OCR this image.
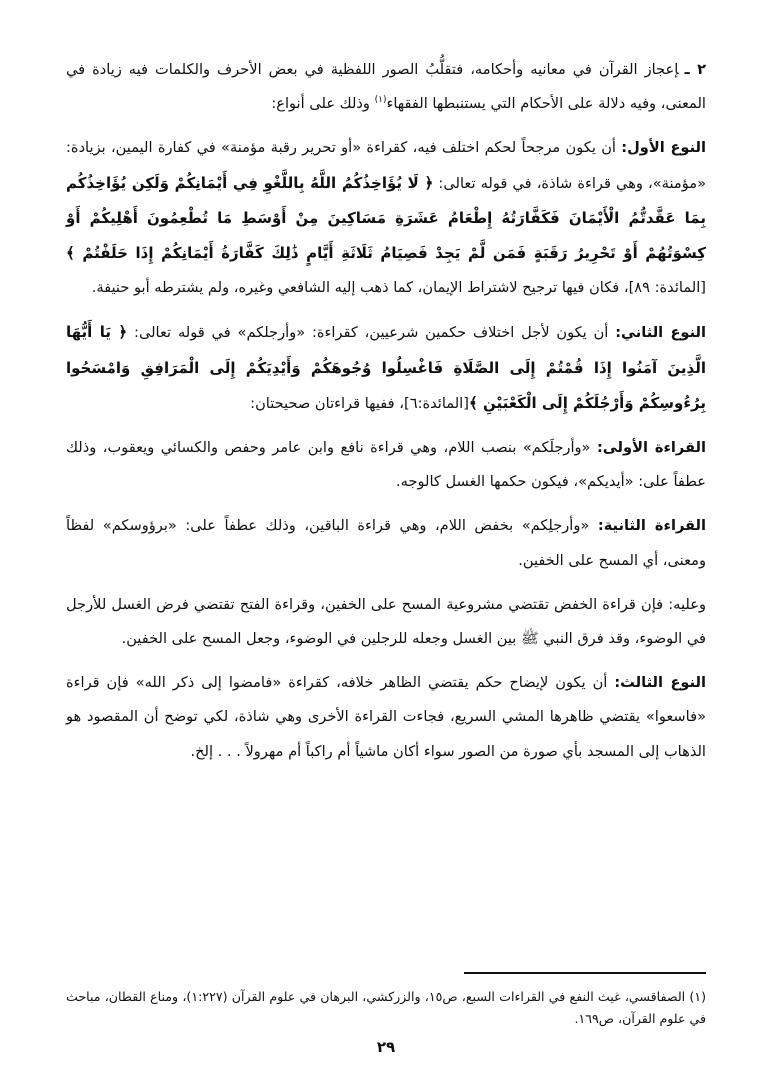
٢ ـإعجاز القرآن في معانيه وأحكامه، فتقلُّبُ الصور اللفظية في بعض الأحرف والكلمات فيه زيادة في المعنى، وفيه دلالة على الأحكام التي يستنبطها الفقهاء$^{(١)}$ وذلك على أنواع:

النوع الأول: أن يكون مرجحاً لحكم اختلف فيه، كقراءة «أو تحرير رقبة مؤمنة» في كفارة اليمين، بزيادة: «مؤمنة»، وهي قراءة شاذة، في قوله تعالى: ﴿ لَا يُؤَاخِذُكُمُ اللَّهُ بِاللَّغْوِ فِي أَيْمَانِكُمْ وَلَكِن يُؤَاخِذُكُم بِمَا عَقَّدتُّمُ الْأَيْمَانَ فَكَفَّارَتُهُ إِطْعَامُ عَشَرَةِ مَسَاكِينَ مِنْ أَوْسَطِ مَا تُطْعِمُونَ أَهْلِيكُمْ أَوْ كِسْوَتُهُمْ أَوْ تَحْرِيرُ رَقَبَةٍ فَمَن لَّمْ يَجِدْ فَصِيَامُ ثَلَاثَةِ أَيَّامٍ ذَٰلِكَ كَفَّارَةُ أَيْمَانِكُمْ إِذَا حَلَفْتُمْ ﴾ [المائدة: ٨٩]، فكان فيها ترجيح لاشتراط الإيمان، كما ذهب إليه الشافعي وغيره، ولم يشترطه أبو حنيفة.

النوع الثاني: أن يكون لأجل اختلاف حكمين شرعيين، كقراءة: «وأرجلكم» في قوله تعالى: ﴿ يَا أَيُّهَا الَّذِينَ آمَنُوا إِذَا قُمْتُمْ إِلَى الصَّلَاةِ فَاغْسِلُوا وُجُوهَكُمْ وَأَيْدِيَكُمْ إِلَى الْمَرَافِقِ وَامْسَحُوا بِرُءُوسِكُمْ وَأَرْجُلَكُمْ إِلَى الْكَعْبَيْنِ ﴾[المائدة:٦]، ففيها قراءتان صحيحتان:

القراءة الأولى: «وأرجلَكم» بنصب اللام، وهي قراءة نافع وابن عامر وحفص والكسائي ويعقوب، وذلك عطفاً على: «أيديكم»، فيكون حكمها الغسل كالوجه.

القراءة الثانية: «وأرجلِكم» بخفض اللام، وهي قراءة الباقين، وذلك عطفاً على: «برؤوسكم» لفظاً ومعنى، أي المسح على الخفين.

وعليه: فإن قراءة الخفض تقتضي مشروعية المسح على الخفين، وقراءة الفتح تقتضي فرض الغسل للأرجل في الوضوء، وقد فرق النبي ﷺ بين الغسل وجعله للرجلين في الوضوء، وجعل المسح على الخفين.

النوع الثالث: أن يكون لإيضاح حكم يقتضي الظاهر خلافه، كقراءة «فامضوا إلى ذكر الله» فإن قراءة «فاسعوا» يقتضي ظاهرها المشي السريع، فجاءت القراءة الأخرى وهي شاذة، لكي توضح أن المقصود هو الذهاب إلى المسجد بأي صورة من الصور سواء أكان ماشياً أم راكباً أم مهرولاً . . . إلخ.

(١) الصفاقسي، غيث النفع في القراءات السبع، ص١٥، والزركشي، البرهان في علوم القرآن (١:٢٢٧)، ومناع القطان، مباحث في علوم القرآن، ص١٦٩.

٢٩
